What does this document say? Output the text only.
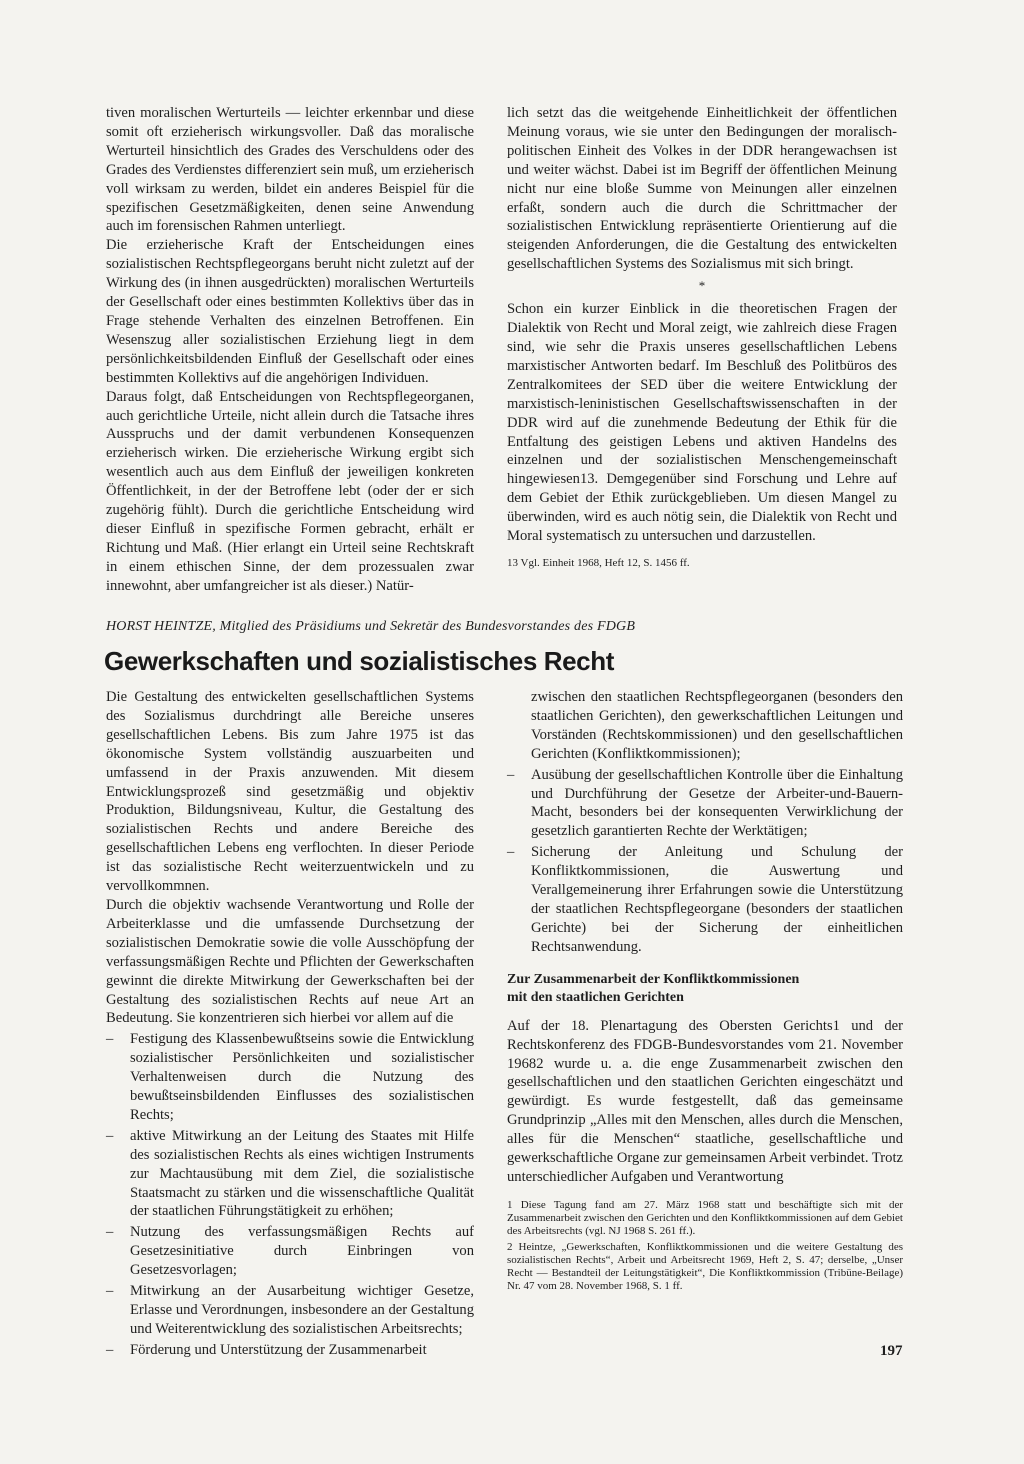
tiven moralischen Werturteils — leichter erkennbar und diese somit oft erzieherisch wirkungsvoller. Daß das moralische Werturteil hinsichtlich des Grades des Verschuldens oder des Grades des Verdienstes differenziert sein muß, um erzieherisch voll wirksam zu werden, bildet ein anderes Beispiel für die spezifischen Gesetzmäßigkeiten, denen seine Anwendung auch im forensischen Rahmen unterliegt.

Die erzieherische Kraft der Entscheidungen eines sozialistischen Rechtspflegeorgans beruht nicht zuletzt auf der Wirkung des (in ihnen ausgedrückten) moralischen Werturteils der Gesellschaft oder eines bestimmten Kollektivs über das in Frage stehende Verhalten des einzelnen Betroffenen. Ein Wesenszug aller sozialistischen Erziehung liegt in dem persönlichkeitsbildenden Einfluß der Gesellschaft oder eines bestimmten Kollektivs auf die angehörigen Individuen.

Daraus folgt, daß Entscheidungen von Rechtspflegeorganen, auch gerichtliche Urteile, nicht allein durch die Tatsache ihres Ausspruchs und der damit verbundenen Konsequenzen erzieherisch wirken. Die erzieherische Wirkung ergibt sich wesentlich auch aus dem Einfluß der jeweiligen konkreten Öffentlichkeit, in der der Betroffene lebt (oder der er sich zugehörig fühlt). Durch die gerichtliche Entscheidung wird dieser Einfluß in spezifische Formen gebracht, erhält er Richtung und Maß. (Hier erlangt ein Urteil seine Rechtskraft in einem ethischen Sinne, der dem prozessualen zwar innewohnt, aber umfangreicher ist als dieser.) Natür-

lich setzt das die weitgehende Einheitlichkeit der öffentlichen Meinung voraus, wie sie unter den Bedingungen der moralisch-politischen Einheit des Volkes in der DDR herangewachsen ist und weiter wächst. Dabei ist im Begriff der öffentlichen Meinung nicht nur eine bloße Summe von Meinungen aller einzelnen erfaßt, sondern auch die durch die Schrittmacher der sozialistischen Entwicklung repräsentierte Orientierung auf die steigenden Anforderungen, die die Gestaltung des entwickelten gesellschaftlichen Systems des Sozialismus mit sich bringt.

*

Schon ein kurzer Einblick in die theoretischen Fragen der Dialektik von Recht und Moral zeigt, wie zahlreich diese Fragen sind, wie sehr die Praxis unseres gesellschaftlichen Lebens marxistischer Antworten bedarf. Im Beschluß des Politbüros des Zentralkomitees der SED über die weitere Entwicklung der marxistisch-leninistischen Gesellschaftswissenschaften in der DDR wird auf die zunehmende Bedeutung der Ethik für die Entfaltung des geistigen Lebens und aktiven Handelns des einzelnen und der sozialistischen Menschengemeinschaft hingewiesen13. Demgegenüber sind Forschung und Lehre auf dem Gebiet der Ethik zurückgeblieben. Um diesen Mangel zu überwinden, wird es auch nötig sein, die Dialektik von Recht und Moral systematisch zu untersuchen und darzustellen.

13 Vgl. Einheit 1968, Heft 12, S. 1456 ff.
HORST HEINTZE, Mitglied des Präsidiums und Sekretär des Bundesvorstandes des FDGB
Gewerkschaften und sozialistisches Recht

Die Gestaltung des entwickelten gesellschaftlichen Systems des Sozialismus durchdringt alle Bereiche unseres gesellschaftlichen Lebens. Bis zum Jahre 1975 ist das ökonomische System vollständig auszuarbeiten und umfassend in der Praxis anzuwenden. Mit diesem Entwicklungsprozeß sind gesetzmäßig und objektiv Produktion, Bildungsniveau, Kultur, die Gestaltung des sozialistischen Rechts und andere Bereiche des gesellschaftlichen Lebens eng verflochten. In dieser Periode ist das sozialistische Recht weiterzuentwickeln und zu vervollkommnen.

Durch die objektiv wachsende Verantwortung und Rolle der Arbeiterklasse und die umfassende Durchsetzung der sozialistischen Demokratie sowie die volle Ausschöpfung der verfassungsmäßigen Rechte und Pflichten der Gewerkschaften gewinnt die direkte Mitwirkung der Gewerkschaften bei der Gestaltung des sozialistischen Rechts auf neue Art an Bedeutung. Sie konzentrieren sich hierbei vor allem auf die

– Festigung des Klassenbewußtseins sowie die Entwicklung sozialistischer Persönlichkeiten und sozialistischer Verhaltenweisen durch die Nutzung des bewußtseinsbildenden Einflusses des sozialistischen Rechts;
– aktive Mitwirkung an der Leitung des Staates mit Hilfe des sozialistischen Rechts als eines wichtigen Instruments zur Machtausübung mit dem Ziel, die sozialistische Staatsmacht zu stärken und die wissenschaftliche Qualität der staatlichen Führungstätigkeit zu erhöhen;
– Nutzung des verfassungsmäßigen Rechts auf Gesetzesinitiative durch Einbringen von Gesetzesvorlagen;
– Mitwirkung an der Ausarbeitung wichtiger Gesetze, Erlasse und Verordnungen, insbesondere an der Gestaltung und Weiterentwicklung des sozialistischen Arbeitsrechts;
– Förderung und Unterstützung der Zusammenarbeit

zwischen den staatlichen Rechtspflegeorganen (besonders den staatlichen Gerichten), den gewerkschaftlichen Leitungen und Vorständen (Rechtskommissionen) und den gesellschaftlichen Gerichten (Konfliktkommissionen);

– Ausübung der gesellschaftlichen Kontrolle über die Einhaltung und Durchführung der Gesetze der Arbeiter-und-Bauern-Macht, besonders bei der konsequenten Verwirklichung der gesetzlich garantierten Rechte der Werktätigen;
– Sicherung der Anleitung und Schulung der Konfliktkommissionen, die Auswertung und Verallgemeinerung ihrer Erfahrungen sowie die Unterstützung der staatlichen Rechtspflegeorgane (besonders der staatlichen Gerichte) bei der Sicherung der einheitlichen Rechtsanwendung.
Zur Zusammenarbeit der Konfliktkommissionen
mit den staatlichen Gerichten

Auf der 18. Plenartagung des Obersten Gerichts1 und der Rechtskonferenz des FDGB-Bundesvorstandes vom 21. November 19682 wurde u. a. die enge Zusammenarbeit zwischen den gesellschaftlichen und den staatlichen Gerichten eingeschätzt und gewürdigt. Es wurde festgestellt, daß das gemeinsame Grundprinzip „Alles mit den Menschen, alles durch die Menschen, alles für die Menschen“ staatliche, gesellschaftliche und gewerkschaftliche Organe zur gemeinsamen Arbeit verbindet. Trotz unterschiedlicher Aufgaben und Verantwortung

1 Diese Tagung fand am 27. März 1968 statt und beschäftigte sich mit der Zusammenarbeit zwischen den Gerichten und den Konfliktkommissionen auf dem Gebiet des Arbeitsrechts (vgl. NJ 1968 S. 261 ff.).

2 Heintze, „Gewerkschaften, Konfliktkommissionen und die weitere Gestaltung des sozialistischen Rechts“, Arbeit und Arbeitsrecht 1969, Heft 2, S. 47; derselbe, „Unser Recht — Bestandteil der Leitungstätigkeit“, Die Konfliktkommission (Tribüne-Beilage) Nr. 47 vom 28. November 1968, S. 1 ff.

197
